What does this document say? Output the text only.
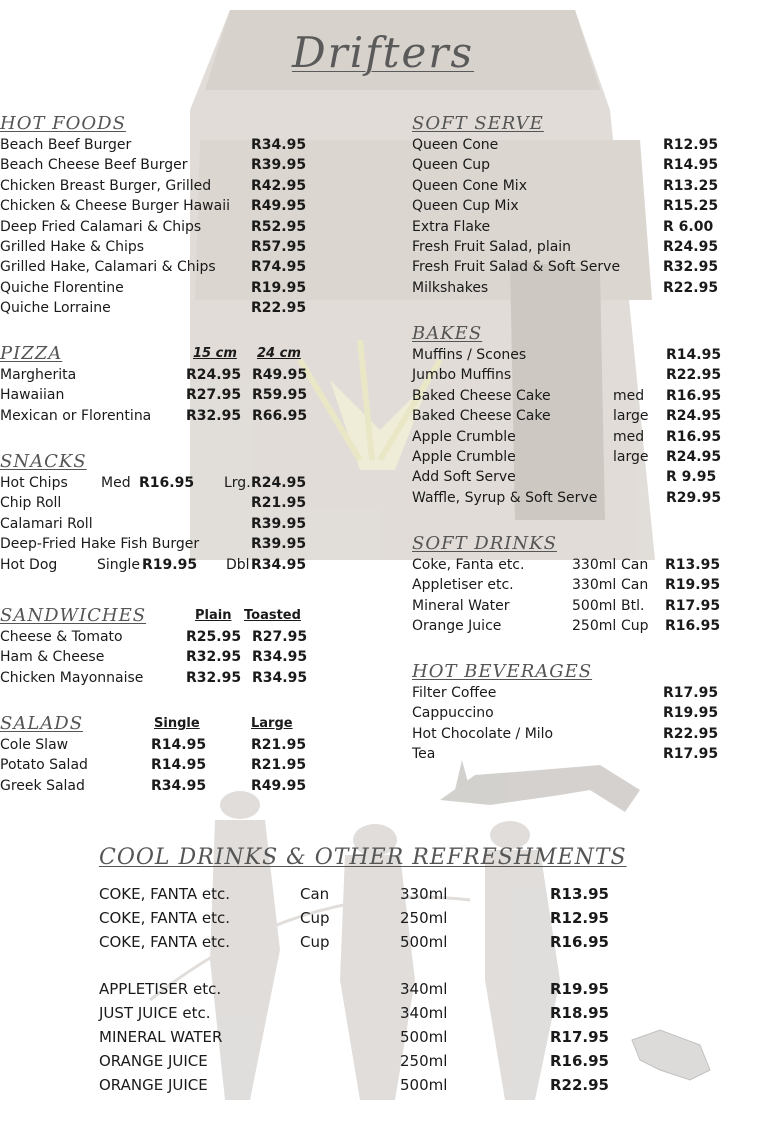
Drifters
HOT FOODS
Beach Beef Burger	R34.95
Beach Cheese Beef Burger	R39.95
Chicken Breast Burger, Grilled	R42.95
Chicken & Cheese Burger Hawaii R49.95
Deep Fried Calamari & Chips	R52.95
Grilled Hake & Chips	R57.95
Grilled Hake, Calamari & Chips	R74.95
Quiche Florentine	R19.95
Quiche Lorraine	R22.95
PIZZA	15 cm 24 cm
Margherita	R24.95 R49.95
Hawaiian	R27.95 R59.95
Mexican or Florentina R32.95 R66.95
SNACKS
Hot Chips Med R16.95 Lrg. R24.95
Chip Roll	R21.95
Calamari Roll	R39.95
Deep-Fried Hake Fish Burger	R39.95
Hot Dog	Single R19.95 Dbl R34.95
SANDWICHES	Plain Toasted
Cheese & Tomato	R25.95 R27.95
Ham & Cheese	R32.95 R34.95
Chicken Mayonnaise	R32.95 R34.95
SALADS	Single	Large
Cole Slaw	R14.95	R21.95
Potato Salad	R14.95	R21.95
Greek Salad	R34.95	R49.95
SOFT SERVE
Queen Cone	R12.95
Queen Cup	R14.95
Queen Cone Mix	R13.25
Queen Cup Mix	R15.25
Extra Flake	R 6.00
Fresh Fruit Salad, plain	R24.95
Fresh Fruit Salad & Soft Serve	R32.95
Milkshakes	R22.95
BAKES
Muffins / Scones	R14.95
Jumbo Muffins	R22.95
Baked Cheese Cake	med R16.95
Baked Cheese Cake	large R24.95
Apple Crumble	med R16.95
Apple Crumble	large R24.95
Add Soft Serve	R 9.95
Waffle, Syrup & Soft Serve	R29.95
SOFT DRINKS
Coke, Fanta etc.	330ml Can R13.95
Appletiser etc.	330ml Can R19.95
Mineral Water	500ml Btl. R17.95
Orange Juice	250ml Cup R16.95
HOT BEVERAGES
Filter Coffee	R17.95
Cappuccino	R19.95
Hot Chocolate / Milo	R22.95
Tea	R17.95
COOL DRINKS & OTHER REFRESHMENTS
COKE, FANTA etc.	Can	330ml	R13.95
COKE, FANTA etc.	Cup	250ml	R12.95
COKE, FANTA etc.	Cup	500ml	R16.95
APPLETISER etc.	340ml	R19.95
JUST JUICE etc.	340ml	R18.95
MINERAL WATER	500ml	R17.95
ORANGE JUICE	250ml	R16.95
ORANGE JUICE	500ml	R22.95
